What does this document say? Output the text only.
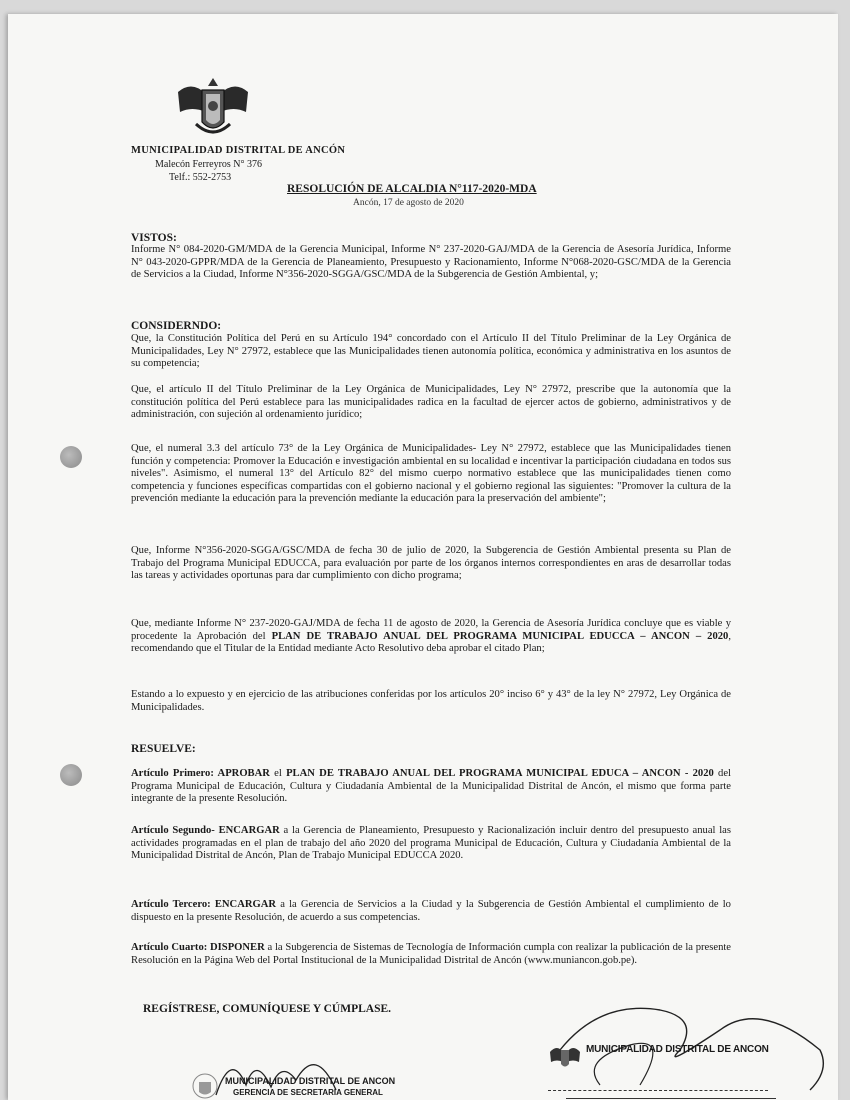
MUNICIPALIDAD DISTRITAL DE ANCÓN
Malecón Ferreyros N° 376
Telf.: 552-2753
RESOLUCIÓN DE ALCALDIA N°117-2020-MDA
Ancón, 17 de agosto de 2020
VISTOS:
Informe N° 084-2020-GM/MDA de la Gerencia Municipal, Informe N° 237-2020-GAJ/MDA de la Gerencia de Asesoría Jurídica, Informe N° 043-2020-GPPR/MDA de la Gerencia de Planeamiento, Presupuesto y Racionamiento, Informe N°068-2020-GSC/MDA de la Gerencia de Servicios a la Ciudad, Informe N°356-2020-SGGA/GSC/MDA de la Subgerencia de Gestión Ambiental, y;
CONSIDERNDO:
Que, la Constitución Política del Perú en su Artículo 194° concordado con el Artículo II del Título Preliminar de la Ley Orgánica de Municipalidades, Ley N° 27972, establece que las Municipalidades tienen autonomía política, económica y administrativa en los asuntos de su competencia;
Que, el artículo II del Título Preliminar de la Ley Orgánica de Municipalidades, Ley N° 27972, prescribe que la autonomía que la constitución política del Perú establece para las municipalidades radica en la facultad de ejercer actos de gobierno, administrativos y de administración, con sujeción al ordenamiento jurídico;
Que, el numeral 3.3 del artículo 73° de la Ley Orgánica de Municipalidades- Ley N° 27972, establece que las Municipalidades tienen función y competencia: Promover la Educación e investigación ambiental en su localidad e incentivar la participación ciudadana en todos sus niveles". Asimismo, el numeral 13° del Artículo 82° del mismo cuerpo normativo establece que las municipalidades tienen como competencia y funciones específicas compartidas con el gobierno nacional y el gobierno regional las siguientes: "Promover la cultura de la prevención mediante la educación para la prevención mediante la educación para la preservación del ambiente";
Que, Informe N°356-2020-SGGA/GSC/MDA de fecha 30 de julio de 2020, la Subgerencia de Gestión Ambiental presenta su Plan de Trabajo del Programa Municipal EDUCCA, para evaluación por parte de los órganos internos correspondientes en aras de desarrollar todas las tareas y actividades oportunas para dar cumplimiento con dicho programa;
Que, mediante Informe N° 237-2020-GAJ/MDA de fecha 11 de agosto de 2020, la Gerencia de Asesoría Jurídica concluye que es viable y procedente la Aprobación del PLAN DE TRABAJO ANUAL DEL PROGRAMA MUNICIPAL EDUCCA – ANCON – 2020, recomendando que el Titular de la Entidad mediante Acto Resolutivo deba aprobar el citado Plan;
Estando a lo expuesto y en ejercicio de las atribuciones conferidas por los artículos 20° inciso 6° y 43° de la ley N° 27972, Ley Orgánica de Municipalidades.
RESUELVE:
Artículo Primero: APROBAR el PLAN DE TRABAJO ANUAL DEL PROGRAMA MUNICIPAL EDUCA – ANCON - 2020 del Programa Municipal de Educación, Cultura y Ciudadanía Ambiental de la Municipalidad Distrital de Ancón, el mismo que forma parte integrante de la presente Resolución.
Artículo Segundo- ENCARGAR a la Gerencia de Planeamiento, Presupuesto y Racionalización incluir dentro del presupuesto anual las actividades programadas en el plan de trabajo del año 2020 del programa Municipal de Educación, Cultura y Ciudadanía Ambiental de la Municipalidad Distrital de Ancón, Plan de Trabajo Municipal EDUCCA 2020.
Artículo Tercero: ENCARGAR a la Gerencia de Servicios a la Ciudad y la Subgerencia de Gestión Ambiental el cumplimiento de lo dispuesto en la presente Resolución, de acuerdo a sus competencias.
Artículo Cuarto: DISPONER a la Subgerencia de Sistemas de Tecnología de Información cumpla con realizar la publicación de la presente Resolución en la Página Web del Portal Institucional de la Municipalidad Distrital de Ancón (www.muniancon.gob.pe).
REGÍSTRESE, COMUNÍQUESE Y CÚMPLASE.
MUNICIPALIDAD DISTRITAL DE ANCON
MUNICIPALIDAD DISTRITAL DE ANCON
GERENCIA DE SECRETARIA GENERAL
